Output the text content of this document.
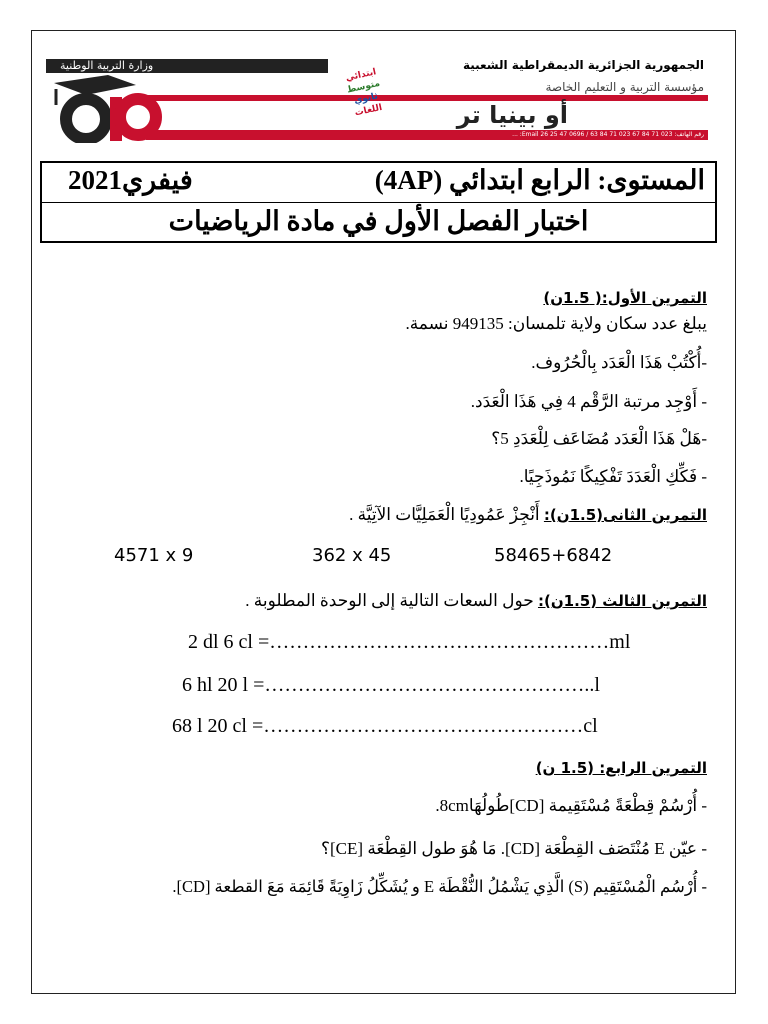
وزارة التربية الوطنية	الجمهورية الجزائرية الديمقراطية الشعبية
مؤسسة التربية و التعليم الخاصة
أو بينيا تر
ابتدائي
متوسط
ثانوي
اللغات
رقم الهاتف: 023 71 84 67 023 71 84 63 / 0696 47 25 26 Email: ...
المستوى: الرابع ابتدائي (4AP)
فيفري2021
اختبار الفصل الأول في مادة الرياضيات
التمرين الأول:( 1.5ن)
يبلغ عدد سكان ولاية تلمسان: 949135 نسمة.
-أُكْتُبْ هَذَا الْعَدَد بِالْحُرُوف.
- أَوْجِد مرتبة الرَّقْم 4 فِي هَذَا الْعَدَد.
-هَلْ هَذَا الْعَدَد مُضَاعَف لِلْعَدَدِ 5؟
- فَكِّكِ الْعَدَدَ تَفْكِيكًا نَمُوذَجِيًا.
التمرين الثانى(1.5ن): أَنْجِزْ عَمُودِيًا الْعَمَلِيَّات الآتِيَّة .
58465+6842
362 x 45
4571 x 9
التمرين الثالث (1.5ن): حول السعات التالية إلى الوحدة المطلوبة .
2 dl 6 cl =……………………………………………ml
6 hl 20 l =…………………………………………..l
68 l 20 cl =…………………………………………cl
التمرين الرابع: (1.5 ن)
- أُرْسُمْ قِطْعَةً مُسْتَقِيمة [CD]طُولُهَا8cm.
- عيّن E مُنْتَصَف القِطْعَة [CD]. مَا هُوَ طول القِطْعَة [CE]؟
- أُرْسُم الْمُسْتَقِيم (S) الَّذِي يَشْمُلُ النُّقْطَة E و يُشَكِّلُ زَاوِيَةً قَائِمَة مَعَ القطعة [CD].
